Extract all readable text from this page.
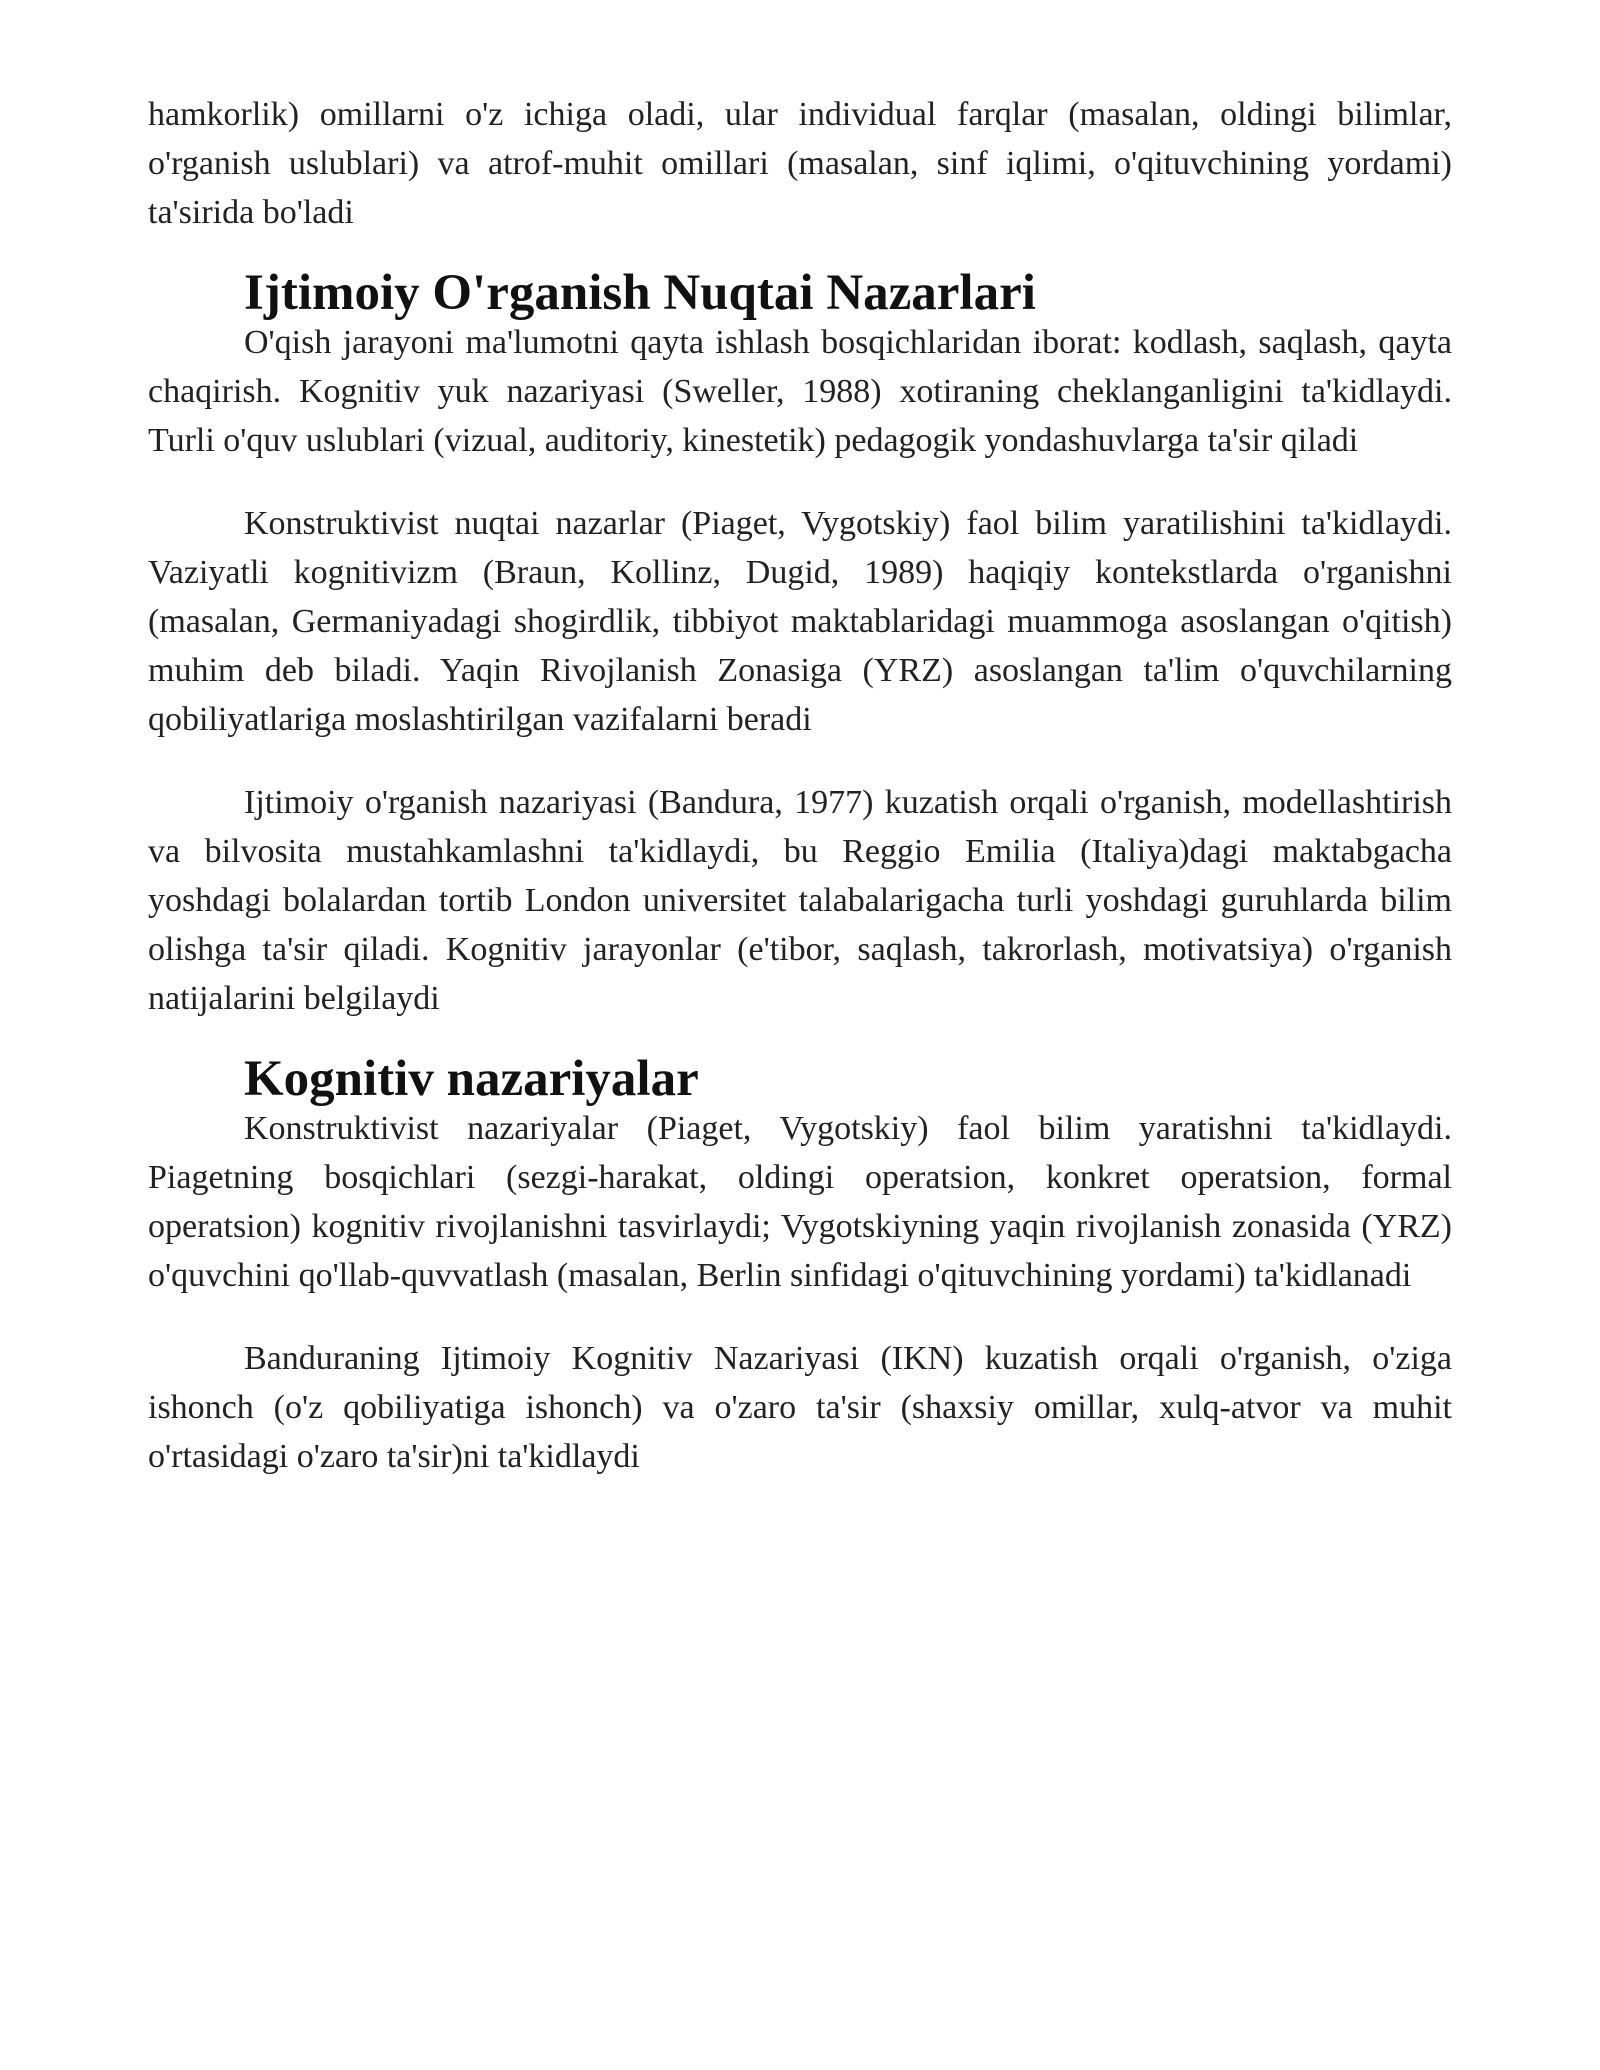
hamkorlik) omillarni o'z ichiga oladi, ular individual farqlar (masalan, oldingi bilimlar, o'rganish uslublari) va atrof-muhit omillari (masalan, sinf iqlimi, o'qituvchining yordami) ta'sirida bo'ladi

Ijtimoiy O'rganish Nuqtai Nazarlari

O'qish jarayoni ma'lumotni qayta ishlash bosqichlaridan iborat: kodlash, saqlash, qayta chaqirish. Kognitiv yuk nazariyasi (Sweller, 1988) xotiraning cheklanganligini ta'kidlaydi. Turli o'quv uslublari (vizual, auditoriy, kinestetik) pedagogik yondashuvlarga ta'sir qiladi

Konstruktivist nuqtai nazarlar (Piaget, Vygotskiy) faol bilim yaratilishini ta'kidlaydi. Vaziyatli kognitivizm (Braun, Kollinz, Dugid, 1989) haqiqiy kontekstlarda o'rganishni (masalan, Germaniyadagi shogirdlik, tibbiyot maktablaridagi muammoga asoslangan o'qitish) muhim deb biladi. Yaqin Rivojlanish Zonasiga (YRZ) asoslangan ta'lim o'quvchilarning qobiliyatlariga moslashtirilgan vazifalarni beradi

Ijtimoiy o'rganish nazariyasi (Bandura, 1977) kuzatish orqali o'rganish, modellashtirish va bilvosita mustahkamlashni ta'kidlaydi, bu Reggio Emilia (Italiya)dagi maktabgacha yoshdagi bolalardan tortib London universitet talabalarigacha turli yoshdagi guruhlarda bilim olishga ta'sir qiladi. Kognitiv jarayonlar (e'tibor, saqlash, takrorlash, motivatsiya) o'rganish natijalarini belgilaydi

Kognitiv nazariyalar

Konstruktivist nazariyalar (Piaget, Vygotskiy) faol bilim yaratishni ta'kidlaydi. Piagetning bosqichlari (sezgi-harakat, oldingi operatsion, konkret operatsion, formal operatsion) kognitiv rivojlanishni tasvirlaydi; Vygotskiyning yaqin rivojlanish zonasida (YRZ) o'quvchini qo'llab-quvvatlash (masalan, Berlin sinfidagi o'qituvchining yordami) ta'kidlanadi

Banduraning Ijtimoiy Kognitiv Nazariyasi (IKN) kuzatish orqali o'rganish, o'ziga ishonch (o'z qobiliyatiga ishonch) va o'zaro ta'sir (shaxsiy omillar, xulq-atvor va muhit o'rtasidagi o'zaro ta'sir)ni ta'kidlaydi
